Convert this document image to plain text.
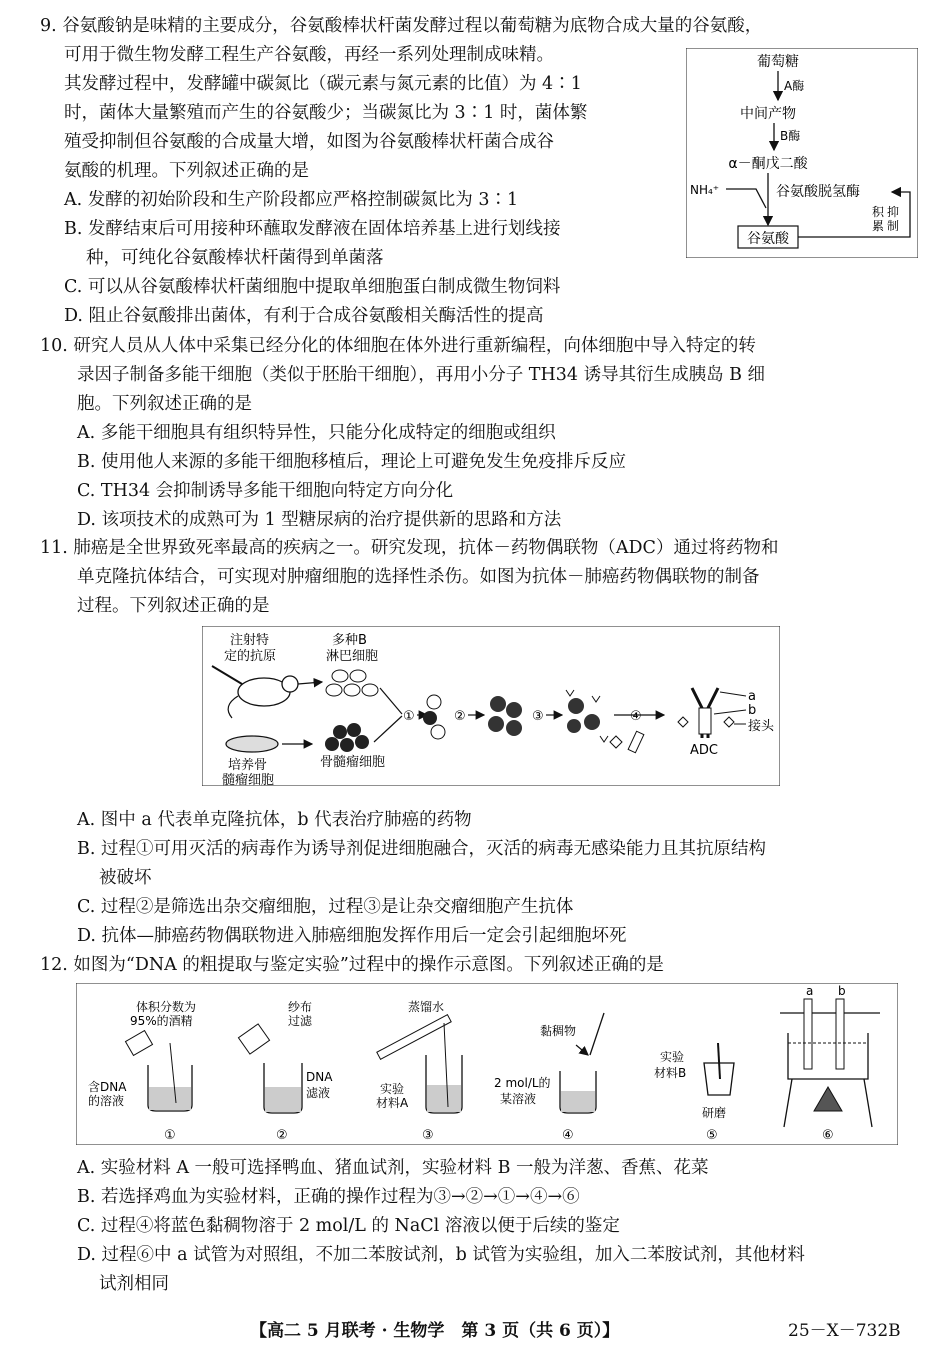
9. 谷氨酸钠是味精的主要成分，谷氨酸棒状杆菌发酵过程以葡萄糖为底物合成大量的谷氨酸，
可用于微生物发酵工程生产谷氨酸，再经一系列处理制成味精。
其发酵过程中，发酵罐中碳氮比（碳元素与氮元素的比值）为 4∶1
时，菌体大量繁殖而产生的谷氨酸少；当碳氮比为 3∶1 时，菌体繁
殖受抑制但谷氨酸的合成量大增，如图为谷氨酸棒状杆菌合成谷
氨酸的机理。下列叙述正确的是
A. 发酵的初始阶段和生产阶段都应严格控制碳氮比为 3∶1
B. 发酵结束后可用接种环蘸取发酵液在固体培养基上进行划线接
种，可纯化谷氨酸棒状杆菌得到单菌落
C. 可以从谷氨酸棒状杆菌细胞中提取单细胞蛋白制成微生物饲料
D. 阻止谷氨酸排出菌体，有利于合成谷氨酸相关酶活性的提高
葡萄糖
A酶
中间产物
B酶
α－酮戊二酸
NH₄⁺	谷氨酸脱氢酶
谷氨酸
积
累
抑
制
10. 研究人员从人体中采集已经分化的体细胞在体外进行重新编程，向体细胞中导入特定的转
录因子制备多能干细胞（类似于胚胎干细胞），再用小分子 TH34 诱导其衍生成胰岛 B 细
胞。下列叙述正确的是
A. 多能干细胞具有组织特异性，只能分化成特定的细胞或组织
B. 使用他人来源的多能干细胞移植后，理论上可避免发生免疫排斥反应
C. TH34 会抑制诱导多能干细胞向特定方向分化
D. 该项技术的成熟可为 1 型糖尿病的治疗提供新的思路和方法
11. 肺癌是全世界致死率最高的疾病之一。研究发现，抗体－药物偶联物（ADC）通过将药物和
单克隆抗体结合，可实现对肿瘤细胞的选择性杀伤。如图为抗体－肺癌药物偶联物的制备
过程。下列叙述正确的是
注射特
定的抗原
多种B
淋巴细胞
培养骨
髓瘤细胞
骨髓瘤细胞
①	②	③	④
a
b
接头
ADC
A. 图中 a 代表单克隆抗体，b 代表治疗肺癌的药物
B. 过程①可用灭活的病毒作为诱导剂促进细胞融合，灭活的病毒无感染能力且其抗原结构
被破坏
C. 过程②是筛选出杂交瘤细胞，过程③是让杂交瘤细胞产生抗体
D. 抗体—肺癌药物偶联物进入肺癌细胞发挥作用后一定会引起细胞坏死
12. 如图为“DNA 的粗提取与鉴定实验”过程中的操作示意图。下列叙述正确的是
体积分数为
95%的酒精
含DNA
的溶液
①
纱布
过滤
DNA
滤液
②
蒸馏水
实验
材料A
③
黏稠物
2 mol/L的
某溶液
④
实验
材料B
研磨
⑤
a b
⑥
A. 实验材料 A 一般可选择鸭血、猪血试剂，实验材料 B 一般为洋葱、香蕉、花菜
B. 若选择鸡血为实验材料，正确的操作过程为③→②→①→④→⑥
C. 过程④将蓝色黏稠物溶于 2 mol/L 的 NaCl 溶液以便于后续的鉴定
D. 过程⑥中 a 试管为对照组，不加二苯胺试剂，b 试管为实验组，加入二苯胺试剂，其他材料
试剂相同
【高二 5 月联考 · 生物学　第 3 页（共 6 页）】	25－X－732B
